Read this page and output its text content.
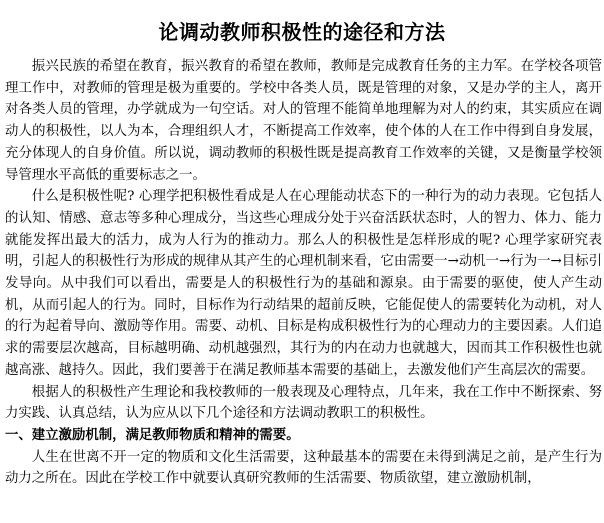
论调动教师积极性的途径和方法

振兴民族的希望在教育，振兴教育的希望在教师，教师是完成教育任务的主力军。在学校各项管理工作中，对教师的管理是极为重要的。学校中各类人员，既是管理的对象，又是办学的主人，离开对各类人员的管理，办学就成为一句空话。对人的管理不能简单地理解为对人的约束，其实质应在调动人的积极性，以人为本，合理组织人才，不断提高工作效率，使个体的人在工作中得到自身发展，充分体现人的自身价值。所以说，调动教师的积极性既是提高教育工作效率的关键，又是衡量学校领导管理水平高低的重要标志之一。

什么是积极性呢? 心理学把积极性看成是人在心理能动状态下的一种行为的动力表现。它包括人的认知、情感、意志等多种心理成分，当这些心理成分处于兴奋活跃状态时，人的智力、体力、能力就能发挥出最大的活力，成为人行为的推动力。那么人的积极性是怎样形成的呢? 心理学家研究表明，引起人的积极性行为形成的规律从其产生的心理机制来看，它由需要一→动机一→行为一→目标引发导向。从中我们可以看出，需要是人的积极性行为的基础和源泉。由于需要的驱使，使人产生动机，从而引起人的行为。同时，目标作为行动结果的超前反映，它能促使人的需要转化为动机，对人的行为起着导向、激励等作用。需要、动机、目标是构成积极性行为的心理动力的主要因素。人们追求的需要层次越高，目标越明确、动机越强烈，其行为的内在动力也就越大，因而其工作积极性也就越高涨、越持久。因此，我们要善于在满足教师基本需要的基础上，去激发他们产生高层次的需要。

根据人的积极性产生理论和我校教师的一般表现及心理特点，几年来，我在工作中不断探索、努力实践、认真总结，认为应从以下几个途径和方法调动教职工的积极性。

一、建立激励机制，满足教师物质和精神的需要。

人生在世离不开一定的物质和文化生活需要，这种最基本的需要在未得到满足之前，是产生行为动力之所在。因此在学校工作中就要认真研究教师的生活需要、物质欲望，建立激励机制，
